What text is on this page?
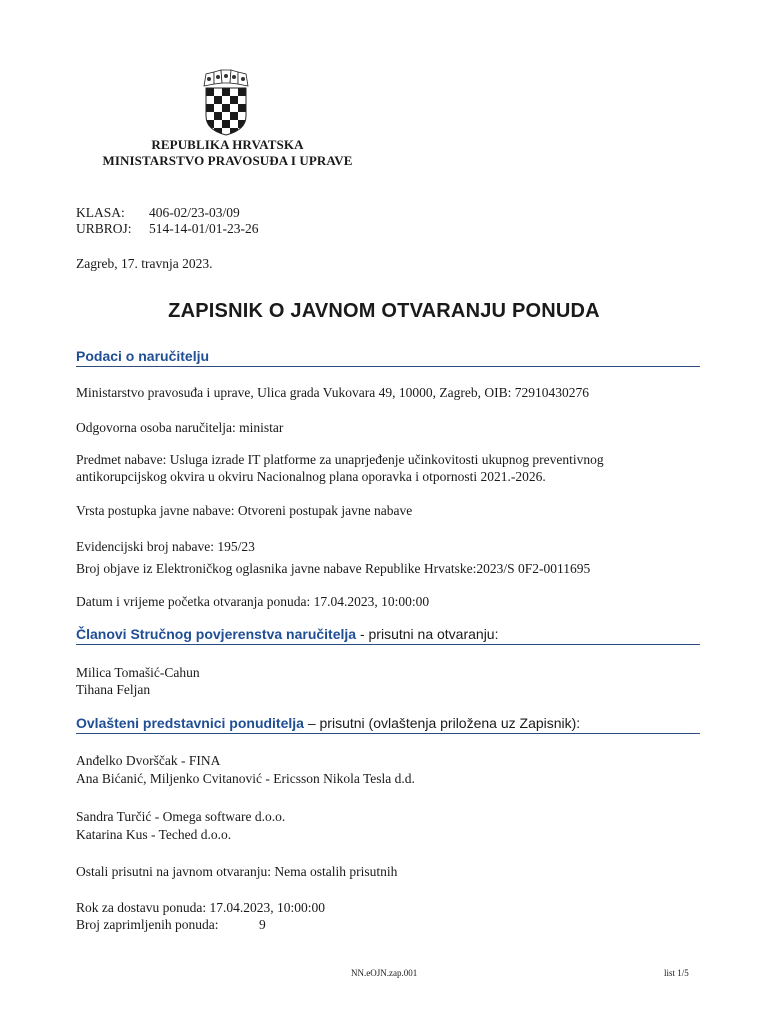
REPUBLIKA HRVATSKA
MINISTARSTVO PRAVOSUĐA I UPRAVE
KLASA: 406-02/23-03/09
URBROJ: 514-14-01/01-23-26
Zagreb, 17. travnja 2023.
ZAPISNIK O JAVNOM OTVARANJU PONUDA
Podaci o naručitelju
Ministarstvo pravosuđa i uprave, Ulica grada Vukovara 49, 10000, Zagreb, OIB: 72910430276
Odgovorna osoba naručitelja: ministar
Predmet nabave: Usluga izrade IT platforme za unaprjeđenje učinkovitosti ukupnog preventivnog
antikorupcijskog okvira u okviru Nacionalnog plana oporavka i otpornosti 2021.-2026.
Vrsta postupka javne nabave: Otvoreni postupak javne nabave
Evidencijski broj nabave: 195/23
Broj objave iz Elektroničkog oglasnika javne nabave Republike Hrvatske:2023/S 0F2-0011695
Datum i vrijeme početka otvaranja ponuda: 17.04.2023, 10:00:00
Članovi Stručnog povjerenstva naručitelja - prisutni na otvaranju:
Milica Tomašić-Cahun
Tihana Feljan
Ovlašteni predstavnici ponuditelja – prisutni (ovlaštenja priložena uz Zapisnik):
Anđelko Dvorščak - FINA
Ana Bićanić, Miljenko Cvitanović - Ericsson Nikola Tesla d.d.
Sandra Turčić - Omega software d.o.o.
Katarina Kus - Teched d.o.o.
Ostali prisutni na javnom otvaranju: Nema ostalih prisutnih
Rok za dostavu ponuda: 17.04.2023, 10:00:00
Broj zaprimljenih ponuda:	9
NN.eOJN.zap.001	list 1/5
